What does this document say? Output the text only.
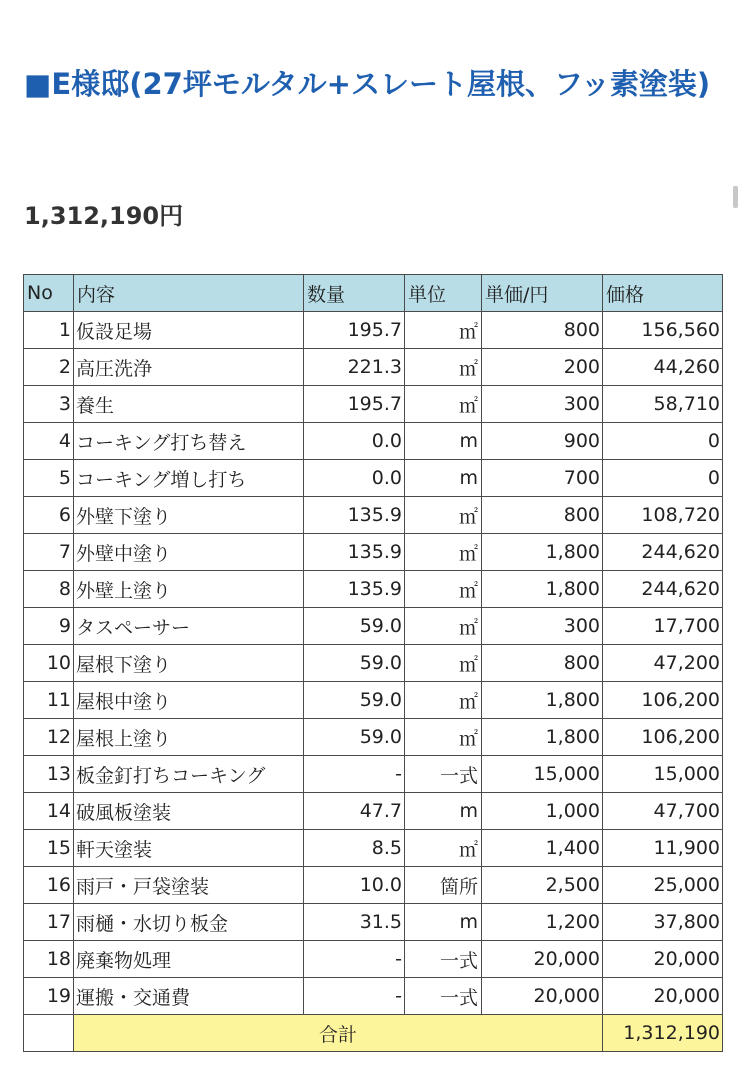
■E様邸(27坪モルタル+スレート屋根、フッ素塗装)
1,312,190円
No	内容	数量	単位	単価/円	価格
1	仮設足場	195.7	㎡	800	156,560
2	高圧洗浄	221.3	㎡	200	44,260
3	養生	195.7	㎡	300	58,710
4	コーキング打ち替え	0.0	m	900	0
5	コーキング増し打ち	0.0	m	700	0
6	外壁下塗り	135.9	㎡	800	108,720
7	外壁中塗り	135.9	㎡	1,800	244,620
8	外壁上塗り	135.9	㎡	1,800	244,620
9	タスペーサー	59.0	㎡	300	17,700
10	屋根下塗り	59.0	㎡	800	47,200
11	屋根中塗り	59.0	㎡	1,800	106,200
12	屋根上塗り	59.0	㎡	1,800	106,200
13	板金釘打ちコーキング	-	一式	15,000	15,000
14	破風板塗装	47.7	m	1,000	47,700
15	軒天塗装	8.5	㎡	1,400	11,900
16	雨戸・戸袋塗装	10.0	箇所	2,500	25,000
17	雨樋・水切り板金	31.5	m	1,200	37,800
18	廃棄物処理	-	一式	20,000	20,000
19	運搬・交通費	-	一式	20,000	20,000
	合計				1,312,190
